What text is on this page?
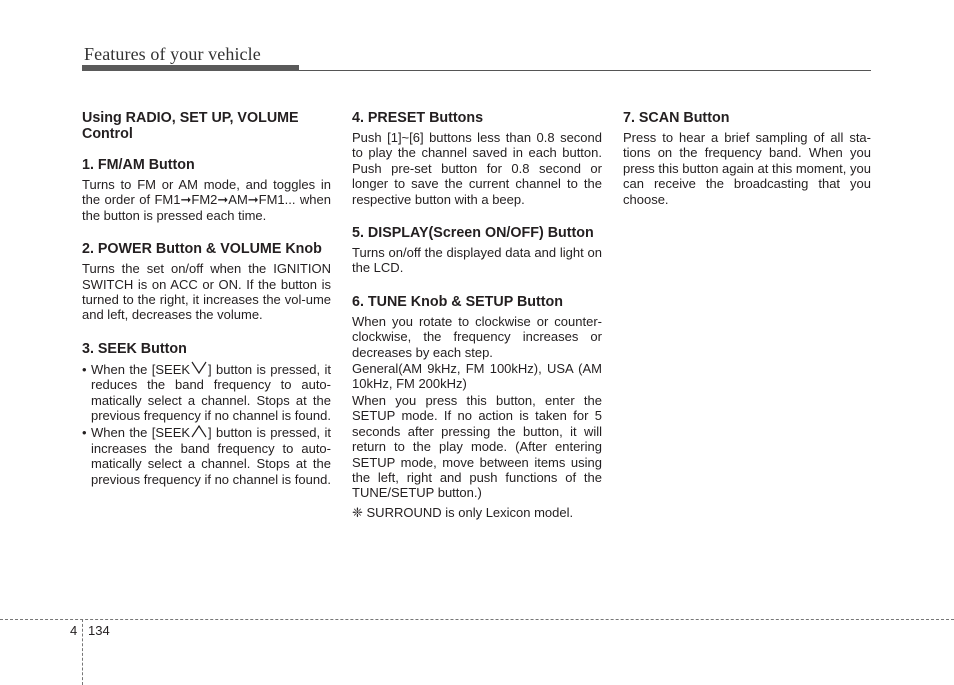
Features of your vehicle
Using RADIO, SET UP, VOLUME Control
1. FM/AM Button

Turns to FM or AM mode, and toggles in the order of FM1➞FM2➞AM➞FM1... when the button is pressed each time.

2. POWER Button & VOLUME Knob

Turns the set on/off when the IGNITION SWITCH is on ACC or ON. If the button is turned to the right, it increases the vol-ume and left, decreases the volume.

3. SEEK Button
• When the [SEEK ] button is pressed, it reduces the band frequency to auto-matically select a channel. Stops at the previous frequency if no channel is found.
• When the [SEEK ] button is pressed, it increases the band frequency to auto-matically select a channel. Stops at the previous frequency if no channel is found.
4. PRESET Buttons

Push [1]~[6] buttons less than 0.8 second to play the channel saved in each button. Push pre-set button for 0.8 second or longer to save the current channel to the respective button with a beep.

5. DISPLAY(Screen ON/OFF) Button

Turns on/off the displayed data and light on the LCD.

6. TUNE Knob & SETUP Button

When you rotate to clockwise or counter-clockwise, the frequency increases or decreases by each step.

General(AM 9kHz, FM 100kHz), USA (AM 10kHz, FM 200kHz)

When you press this button, enter the SETUP mode. If no action is taken for 5 seconds after pressing the button, it will return to the play mode. (After entering SETUP mode, move between items using the left, right and push functions of the TUNE/SETUP button.)

❈ SURROUND is only Lexicon model.

7. SCAN Button

Press to hear a brief sampling of all sta-tions on the frequency band. When you press this button again at this moment, you can receive the broadcasting that you choose.

4 134
